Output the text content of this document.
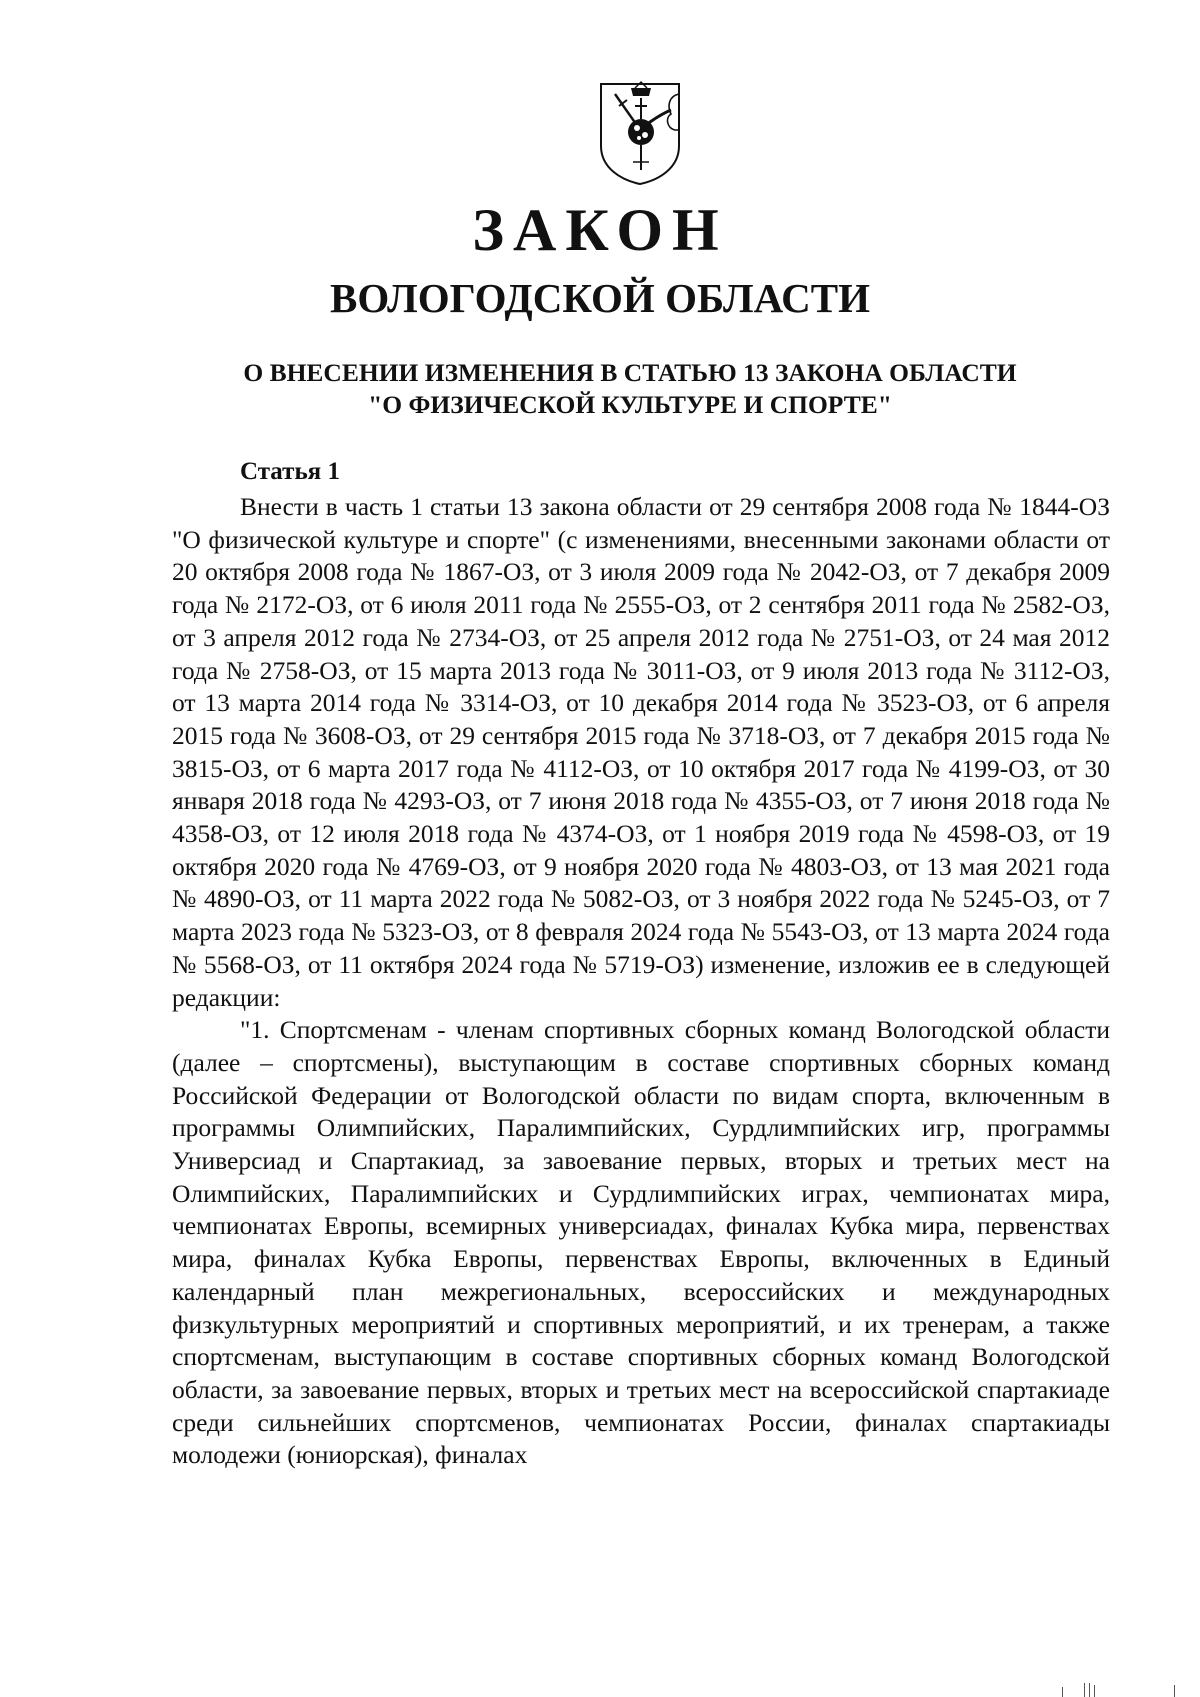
ЗАКОН
ВОЛОГОДСКОЙ ОБЛАСТИ
О ВНЕСЕНИИ ИЗМЕНЕНИЯ В СТАТЬЮ 13 ЗАКОНА ОБЛАСТИ
"О ФИЗИЧЕСКОЙ КУЛЬТУРЕ И СПОРТЕ"
Статья 1

Внести в часть 1 статьи 13 закона области от 29 сентября 2008 года № 1844-ОЗ "О физической культуре и спорте" (с изменениями, внесенными законами области от 20 октября 2008 года № 1867-ОЗ, от 3 июля 2009 года № 2042-ОЗ, от 7 декабря 2009 года № 2172-ОЗ, от 6 июля 2011 года № 2555-ОЗ, от 2 сентября 2011 года № 2582-ОЗ, от 3 апреля 2012 года № 2734-ОЗ, от 25 апреля 2012 года № 2751-ОЗ, от 24 мая 2012 года № 2758-ОЗ, от 15 марта 2013 года № 3011-ОЗ, от 9 июля 2013 года № 3112-ОЗ, от 13 марта 2014 года № 3314-ОЗ, от 10 декабря 2014 года № 3523-ОЗ, от 6 апреля 2015 года № 3608-ОЗ, от 29 сентября 2015 года № 3718-ОЗ, от 7 декабря 2015 года № 3815-ОЗ, от 6 марта 2017 года № 4112-ОЗ, от 10 октября 2017 года № 4199-ОЗ, от 30 января 2018 года № 4293-ОЗ, от 7 июня 2018 года № 4355-ОЗ, от 7 июня 2018 года № 4358-ОЗ, от 12 июля 2018 года № 4374-ОЗ, от 1 ноября 2019 года № 4598-ОЗ, от 19 октября 2020 года № 4769-ОЗ, от 9 ноября 2020 года № 4803-ОЗ, от 13 мая 2021 года № 4890-ОЗ, от 11 марта 2022 года № 5082-ОЗ, от 3 ноября 2022 года № 5245-ОЗ, от 7 марта 2023 года № 5323-ОЗ, от 8 февраля 2024 года № 5543-ОЗ, от 13 марта 2024 года № 5568-ОЗ, от 11 октября 2024 года № 5719-ОЗ) изменение, изложив ее в следующей редакции:

"1. Спортсменам - членам спортивных сборных команд Вологодской области (далее – спортсмены), выступающим в составе спортивных сборных команд Российской Федерации от Вологодской области по видам спорта, включенным в программы Олимпийских, Паралимпийских, Сурдлимпийских игр, программы Универсиад и Спартакиад, за завоевание первых, вторых и третьих мест на Олимпийских, Паралимпийских и Сурдлимпийских играх, чемпионатах мира, чемпионатах Европы, всемирных универсиадах, финалах Кубка мира, первенствах мира, финалах Кубка Европы, первенствах Европы, включенных в Единый календарный план межрегиональных, всероссийских и международных физкультурных мероприятий и спортивных мероприятий, и их тренерам, а также спортсменам, выступающим в составе спортивных сборных команд Вологодской области, за завоевание первых, вторых и третьих мест на всероссийской спартакиаде среди сильнейших спортсменов, чемпионатах России, финалах спартакиады молодежи (юниорская), финалах
